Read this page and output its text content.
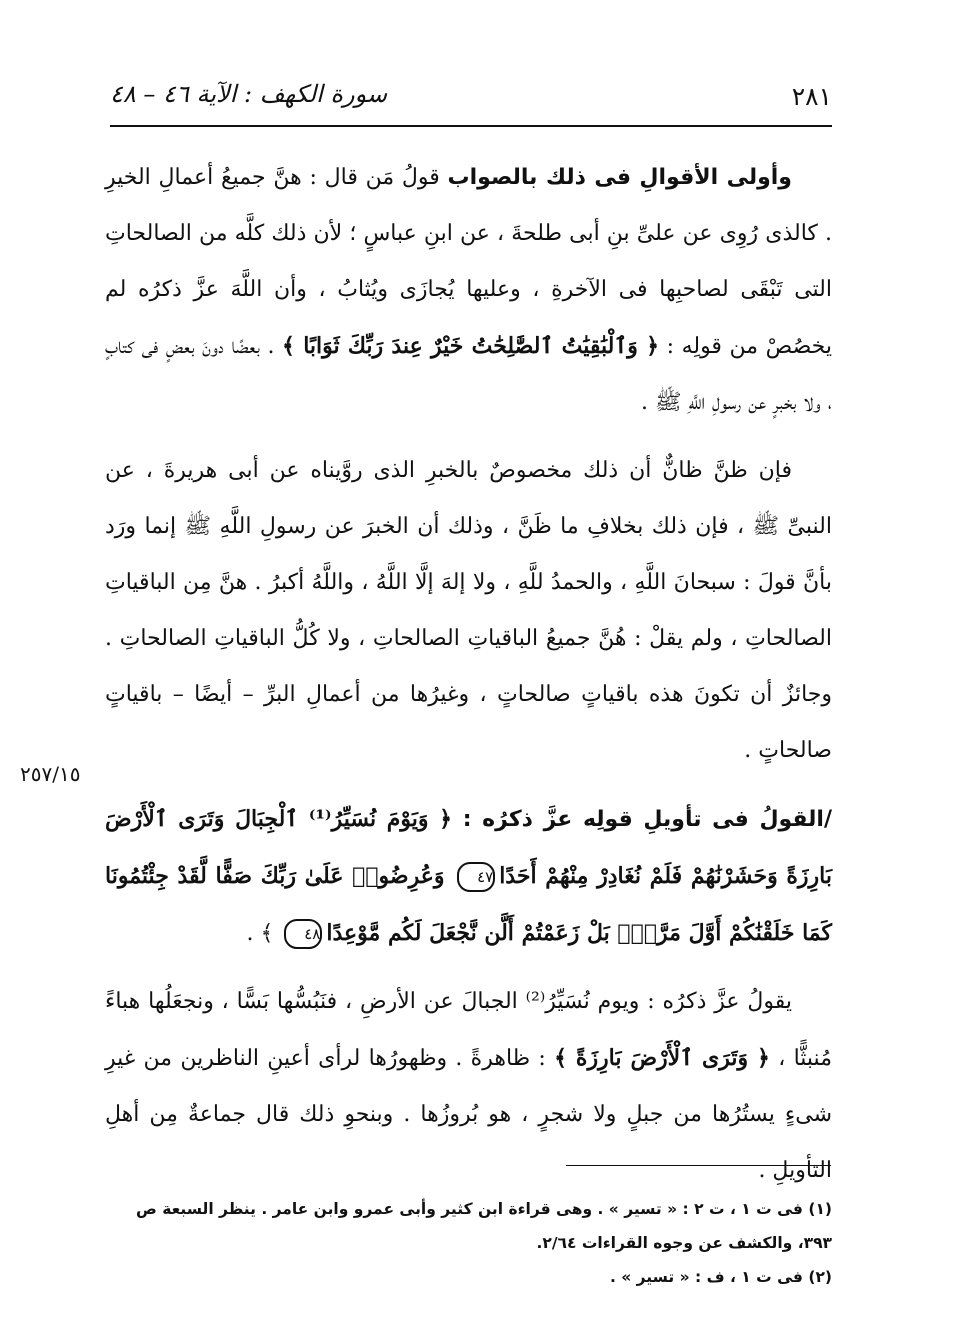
٢٨١
سورة الكهف : الآية ٤٦ – ٤٨
٢٥٧/١٥

وأولى الأقوالِ فى ذلك بالصواب قولُ مَن قال : هنَّ جميعُ أعمالِ الخيرِ . كالذى رُوِى عن علىِّ بنِ أبى طلحةَ ، عن ابنِ عباسٍ ؛ لأن ذلك كلَّه من الصالحاتِ التى تَبْقَى لصاحبِها فى الآخرةِ ، وعليها يُجازَى ويُثابُ ، وأن اللَّهَ عزَّ ذكرُه لم يخصُصْ من قولِه : ﴿ وَٱلْبَٰقِيَٰتُ ٱلصَّٰلِحَٰتُ خَيْرٌ عِندَ رَبِّكَ ثَوَابًا ﴾ . بعضًا دونَ بعضٍ فى كتابٍ ، ولا بخبرٍ عن رسولِ اللَّهِ ﷺ .

فإن ظنَّ ظانٌّ أن ذلك مخصوصٌ بالخبرِ الذى روَّيناه عن أبى هريرةَ ، عن النبىِّ ﷺ ، فإن ذلك بخلافِ ما ظَنَّ ، وذلك أن الخبرَ عن رسولِ اللَّهِ ﷺ إنما ورَد بأنَّ قولَ : سبحانَ اللَّهِ ، والحمدُ للَّهِ ، ولا إلهَ إلَّا اللَّهُ ، واللَّهُ أكبرُ . هنَّ مِن الباقياتِ الصالحاتِ ، ولم يقلْ : هُنَّ جميعُ الباقياتِ الصالحاتِ ، ولا كُلُّ الباقياتِ الصالحاتِ . وجائزٌ أن تكونَ هذه باقياتٍ صالحاتٍ ، وغيرُها من أعمالِ البرِّ – أيضًا – باقياتٍ صالحاتٍ .

/القولُ فى تأويلِ قولِه عزَّ ذكرُه : ﴿ وَيَوْمَ نُسَيِّرُ⁽¹⁾ ٱلْجِبَالَ وَتَرَى ٱلْأَرْضَ بَارِزَةً وَحَشَرْنَٰهُمْ فَلَمْ نُغَادِرْ مِنْهُمْ أَحَدًا٤٧ وَعُرِضُوا۟ عَلَىٰ رَبِّكَ صَفًّا لَّقَدْ جِئْتُمُونَا كَمَا خَلَقْنَٰكُمْ أَوَّلَ مَرَّةٍۭ بَلْ زَعَمْتُمْ أَلَّن نَّجْعَلَ لَكُم مَّوْعِدًا٤٨ ﴾ .

يقولُ عزَّ ذكرُه : ويوم نُسَيِّرُ⁽²⁾ الجبالَ عن الأرضِ ، فنَبُسُّها بَسًّا ، ونجعَلُها هباءً مُنبثًّا ، ﴿ وَتَرَى ٱلْأَرْضَ بَارِزَةً ﴾ : ظاهرةً . وظهورُها لرأى أعينِ الناظرين من غيرِ شىءٍ يستُرُها من جبلٍ ولا شجرٍ ، هو بُروزُها . وبنحوِ ذلك قال جماعةٌ مِن أهلِ التأويلِ .

(١) فى ت ١ ، ت ٢ : « تسير » . وهى قراءة ابن كثير وأبى عمرو وابن عامر . ينظر السبعة ص ٣٩٣، والكشف عن وجوه القراءات ٢/٦٤.

(٢) فى ت ١ ، ف : « تسير » .
